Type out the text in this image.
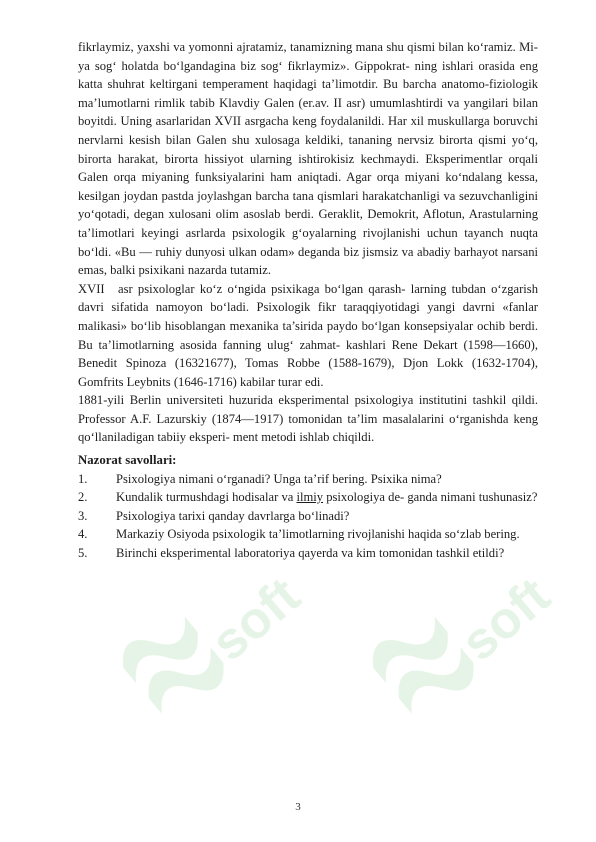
soft	soft

fikrlaymiz, yaxshi va yomonni ajratamiz, tanamizning mana shu qismi bilan ko‘ramiz. Mi- ya sog‘ holatda bo‘lgandagina biz sog‘ fikrlaymiz». Gippokrat- ning ishlari orasida eng katta shuhrat keltirgani temperament haqidagi ta’limotdir. Bu barcha anatomo-fiziologik ma’lumotlarni rimlik tabib Klavdiy Galen (er.av. II asr) umumlashtirdi va yangilari bilan boyitdi. Uning asarlaridan XVII asrgacha keng foydalanildi. Har xil muskullarga boruvchi nervlarni kesish bilan Galen shu xulosaga keldiki, tananing nervsiz birorta qismi yo‘q, birorta harakat, birorta hissiyot ularning ishtirokisiz kechmaydi. Eksperimentlar orqali Galen orqa miyaning funksiyalarini ham aniqtadi. Agar orqa miyani ko‘ndalang kessa, kesilgan joydan pastda joylashgan barcha tana qismlari harakatchanligi va sezuvchanligini yo‘qotadi, degan xulosani olim asoslab berdi. Geraklit, Demokrit, Aflotun, Arastularning ta’limotlari keyingi asrlarda psixologik g‘oyalarning rivojlanishi uchun tayanch nuqta bo‘ldi. «Bu — ruhiy dunyosi ulkan odam» deganda biz jismsiz va abadiy barhayot narsani emas, balki psixikani nazarda tutamiz.

XVII asr psixologlar ko‘z o‘ngida psixikaga bo‘lgan qarash- larning tubdan o‘zgarish davri sifatida namoyon bo‘ladi. Psixologik fikr taraqqiyotidagi yangi davrni «fanlar malikasi» bo‘lib hisoblangan mexanika ta’sirida paydo bo‘lgan konsepsiyalar ochib berdi. Bu ta’limotlarning asosida fanning ulug‘ zahmat- kashlari Rene Dekart (1598—1660), Benedit Spinoza (16321677), Tomas Robbe (1588-1679), Djon Lokk (1632-1704), Gomfrits Leybnits (1646-1716) kabilar turar edi.

1881-yili Berlin universiteti huzurida eksperimental psixologiya institutini tashkil qildi. Professor A.F. Lazurskiy (1874—1917) tomonidan ta’lim masalalarini o‘rganishda keng qo‘llaniladigan tabiiy eksperi- ment metodi ishlab chiqildi.

Nazorat savollari:

1. Psixologiya nimani o‘rganadi? Unga ta’rif bering. Psixika nima?

2. Kundalik turmushdagi hodisalar va ilmiy psixologiya de- ganda nimani tushunasiz?

3. Psixologiya tarixi qanday davrlarga bo‘linadi?

4. Markaziy Osiyoda psixologik ta’limotlarning rivojlanishi haqida so‘zlab bering.

5. Birinchi eksperimental laboratoriya qayerda va kim tomonidan tashkil etildi?

3
